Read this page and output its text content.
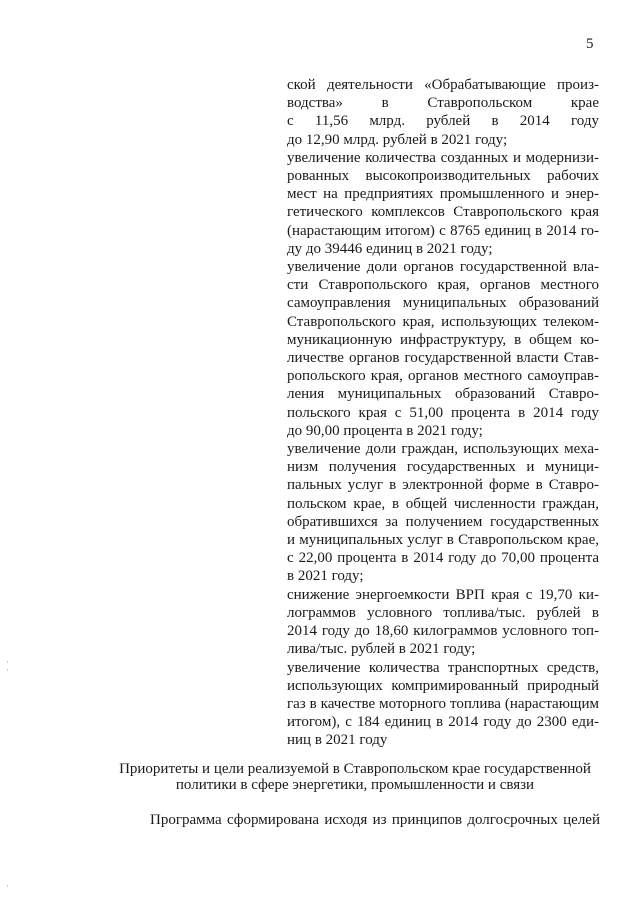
5
ской деятельности «Обрабатывающие произ-
водства» в Ставропольском крае
с 11,56 млрд. рублей в 2014 году
до 12,90 млрд. рублей в 2021 году;
увеличение количества созданных и модернизи-
рованных высокопроизводительных рабочих
мест на предприятиях промышленного и энер-
гетического комплексов Ставропольского края
(нарастающим итогом) с 8765 единиц в 2014 го-
ду до 39446 единиц в 2021 году;
увеличение доли органов государственной вла-
сти Ставропольского края, органов местного
самоуправления муниципальных образований
Ставропольского края, использующих телеком-
муникационную инфраструктуру, в общем ко-
личестве органов государственной власти Став-
ропольского края, органов местного самоуправ-
ления муниципальных образований Ставро-
польского края с 51,00 процента в 2014 году
до 90,00 процента в 2021 году;
увеличение доли граждан, использующих меха-
низм получения государственных и муници-
пальных услуг в электронной форме в Ставро-
польском крае, в общей численности граждан,
обратившихся за получением государственных
и муниципальных услуг в Ставропольском крае,
с 22,00 процента в 2014 году до 70,00 процента
в 2021 году;
снижение энергоемкости ВРП края с 19,70 ки-
лограммов условного топлива/тыс. рублей в
2014 году до 18,60 килограммов условного топ-
лива/тыс. рублей в 2021 году;
увеличение количества транспортных средств,
использующих компримированный природный
газ в качестве моторного топлива (нарастающим
итогом), с 184 единиц в 2014 году до 2300 еди-
ниц в 2021 году
Приоритеты и цели реализуемой в Ставропольском крае государственной
политики в сфере энергетики, промышленности и связи
Программа сформирована исходя из принципов долгосрочных целей
·
·
·
